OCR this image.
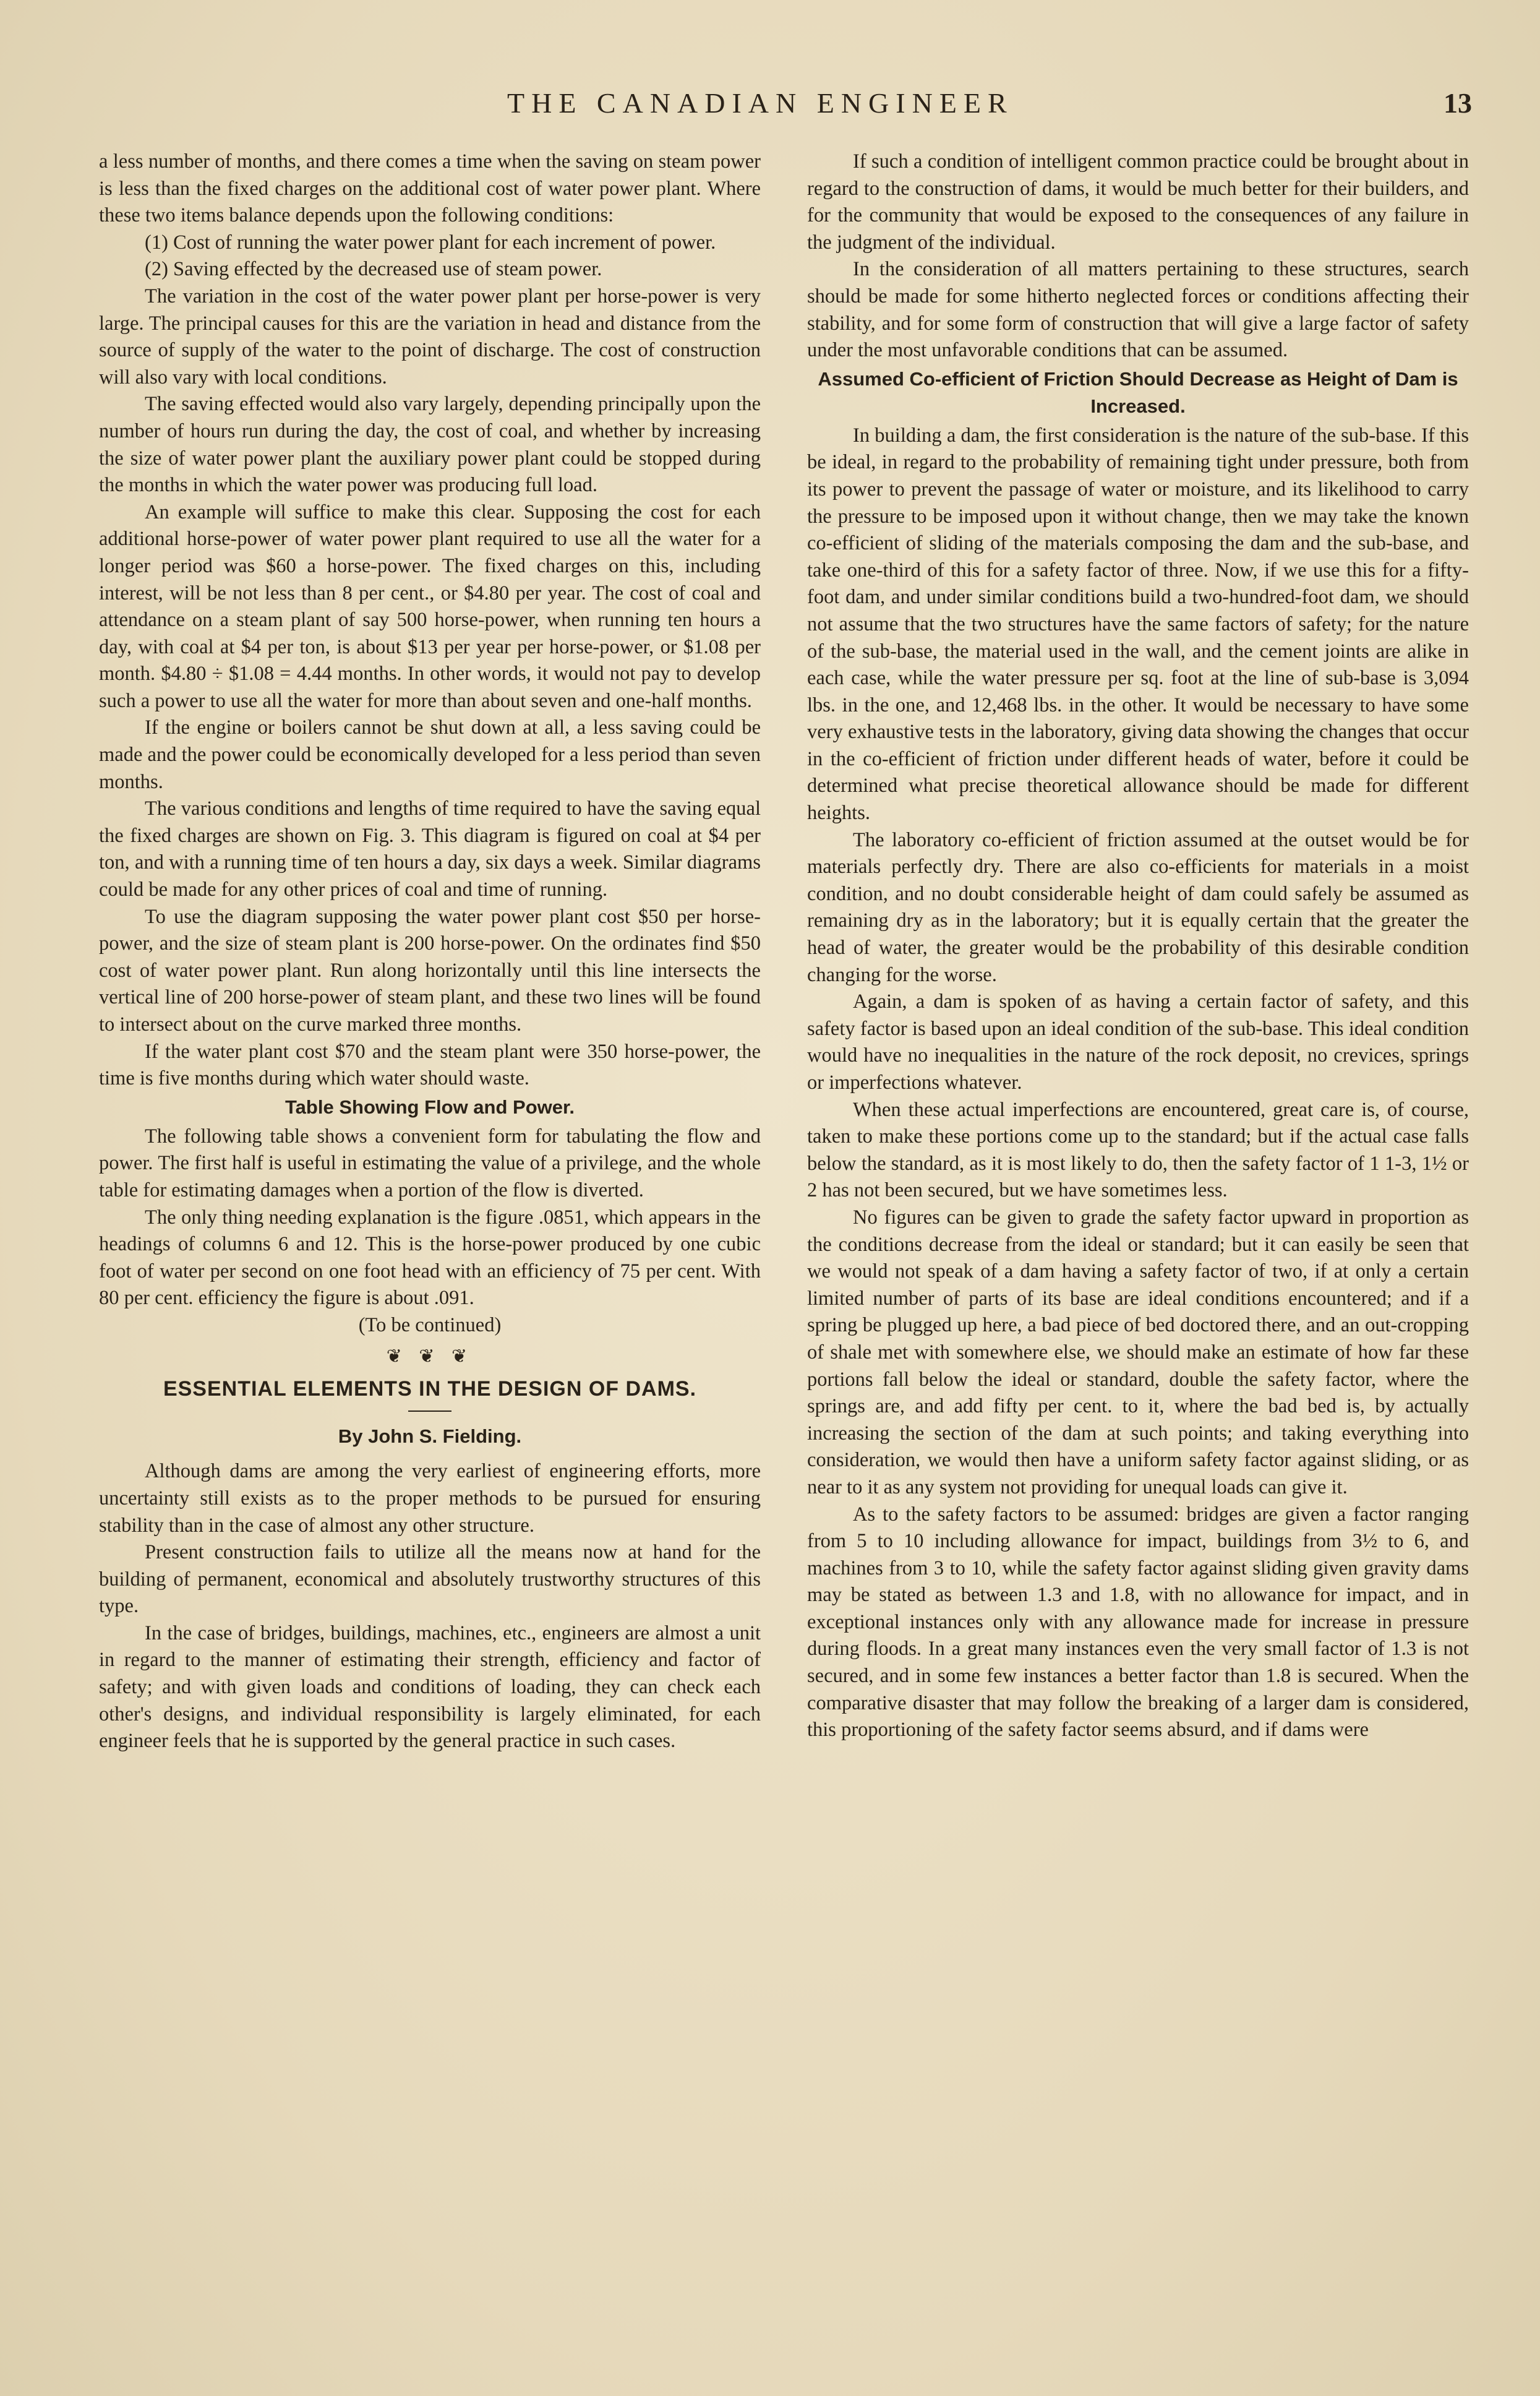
THE CANADIAN ENGINEER	13

a less number of months, and there comes a time when the saving on steam power is less than the fixed charges on the additional cost of water power plant. Where these two items balance depends upon the following conditions:

(1) Cost of running the water power plant for each increment of power.

(2) Saving effected by the decreased use of steam power.

The variation in the cost of the water power plant per horse-power is very large. The principal causes for this are the variation in head and distance from the source of supply of the water to the point of discharge. The cost of construction will also vary with local conditions.

The saving effected would also vary largely, depending principally upon the number of hours run during the day, the cost of coal, and whether by increasing the size of water power plant the auxiliary power plant could be stopped during the months in which the water power was producing full load.

An example will suffice to make this clear. Supposing the cost for each additional horse-power of water power plant required to use all the water for a longer period was $60 a horse-power. The fixed charges on this, including interest, will be not less than 8 per cent., or $4.80 per year. The cost of coal and attendance on a steam plant of say 500 horse-power, when running ten hours a day, with coal at $4 per ton, is about $13 per year per horse-power, or $1.08 per month. $4.80 ÷ $1.08 = 4.44 months. In other words, it would not pay to develop such a power to use all the water for more than about seven and one-half months.

If the engine or boilers cannot be shut down at all, a less saving could be made and the power could be economically developed for a less period than seven months.

The various conditions and lengths of time required to have the saving equal the fixed charges are shown on Fig. 3. This diagram is figured on coal at $4 per ton, and with a running time of ten hours a day, six days a week. Similar diagrams could be made for any other prices of coal and time of running.

To use the diagram supposing the water power plant cost $50 per horse-power, and the size of steam plant is 200 horse-power. On the ordinates find $50 cost of water power plant. Run along horizontally until this line intersects the vertical line of 200 horse-power of steam plant, and these two lines will be found to intersect about on the curve marked three months.

If the water plant cost $70 and the steam plant were 350 horse-power, the time is five months during which water should waste.

Table Showing Flow and Power.

The following table shows a convenient form for tabulating the flow and power. The first half is useful in estimating the value of a privilege, and the whole table for estimating damages when a portion of the flow is diverted.

The only thing needing explanation is the figure .0851, which appears in the headings of columns 6 and 12. This is the horse-power produced by one cubic foot of water per second on one foot head with an efficiency of 75 per cent. With 80 per cent. efficiency the figure is about .091.

(To be continued)

❦ ❦ ❦
ESSENTIAL ELEMENTS IN THE DESIGN OF DAMS.
By John S. Fielding.

Although dams are among the very earliest of engineering efforts, more uncertainty still exists as to the proper methods to be pursued for ensuring stability than in the case of almost any other structure.

Present construction fails to utilize all the means now at hand for the building of permanent, economical and absolutely trustworthy structures of this type.

In the case of bridges, buildings, machines, etc., engineers are almost a unit in regard to the manner of estimating their strength, efficiency and factor of safety; and with given loads and conditions of loading, they can check each other's designs, and individual responsibility is largely eliminated, for each engineer feels that he is supported by the general practice in such cases.

If such a condition of intelligent common practice could be brought about in regard to the construction of dams, it would be much better for their builders, and for the community that would be exposed to the consequences of any failure in the judgment of the individual.

In the consideration of all matters pertaining to these structures, search should be made for some hitherto neglected forces or conditions affecting their stability, and for some form of construction that will give a large factor of safety under the most unfavorable conditions that can be assumed.

Assumed Co-efficient of Friction Should Decrease as Height of Dam is Increased.

In building a dam, the first consideration is the nature of the sub-base. If this be ideal, in regard to the probability of remaining tight under pressure, both from its power to prevent the passage of water or moisture, and its likelihood to carry the pressure to be imposed upon it without change, then we may take the known co-efficient of sliding of the materials composing the dam and the sub-base, and take one-third of this for a safety factor of three. Now, if we use this for a fifty-foot dam, and under similar conditions build a two-hundred-foot dam, we should not assume that the two structures have the same factors of safety; for the nature of the sub-base, the material used in the wall, and the cement joints are alike in each case, while the water pressure per sq. foot at the line of sub-base is 3,094 lbs. in the one, and 12,468 lbs. in the other. It would be necessary to have some very exhaustive tests in the laboratory, giving data showing the changes that occur in the co-efficient of friction under different heads of water, before it could be determined what precise theoretical allowance should be made for different heights.

The laboratory co-efficient of friction assumed at the outset would be for materials perfectly dry. There are also co-efficients for materials in a moist condition, and no doubt considerable height of dam could safely be assumed as remaining dry as in the laboratory; but it is equally certain that the greater the head of water, the greater would be the probability of this desirable condition changing for the worse.

Again, a dam is spoken of as having a certain factor of safety, and this safety factor is based upon an ideal condition of the sub-base. This ideal condition would have no inequalities in the nature of the rock deposit, no crevices, springs or imperfections whatever.

When these actual imperfections are encountered, great care is, of course, taken to make these portions come up to the standard; but if the actual case falls below the standard, as it is most likely to do, then the safety factor of 1 1-3, 1½ or 2 has not been secured, but we have sometimes less.

No figures can be given to grade the safety factor upward in proportion as the conditions decrease from the ideal or standard; but it can easily be seen that we would not speak of a dam having a safety factor of two, if at only a certain limited number of parts of its base are ideal conditions encountered; and if a spring be plugged up here, a bad piece of bed doctored there, and an out-cropping of shale met with somewhere else, we should make an estimate of how far these portions fall below the ideal or standard, double the safety factor, where the springs are, and add fifty per cent. to it, where the bad bed is, by actually increasing the section of the dam at such points; and taking everything into consideration, we would then have a uniform safety factor against sliding, or as near to it as any system not providing for unequal loads can give it.

As to the safety factors to be assumed: bridges are given a factor ranging from 5 to 10 including allowance for impact, buildings from 3½ to 6, and machines from 3 to 10, while the safety factor against sliding given gravity dams may be stated as between 1.3 and 1.8, with no allowance for impact, and in exceptional instances only with any allowance made for increase in pressure during floods. In a great many instances even the very small factor of 1.3 is not secured, and in some few instances a better factor than 1.8 is secured. When the comparative disaster that may follow the breaking of a larger dam is considered, this proportioning of the safety factor seems absurd, and if dams were
